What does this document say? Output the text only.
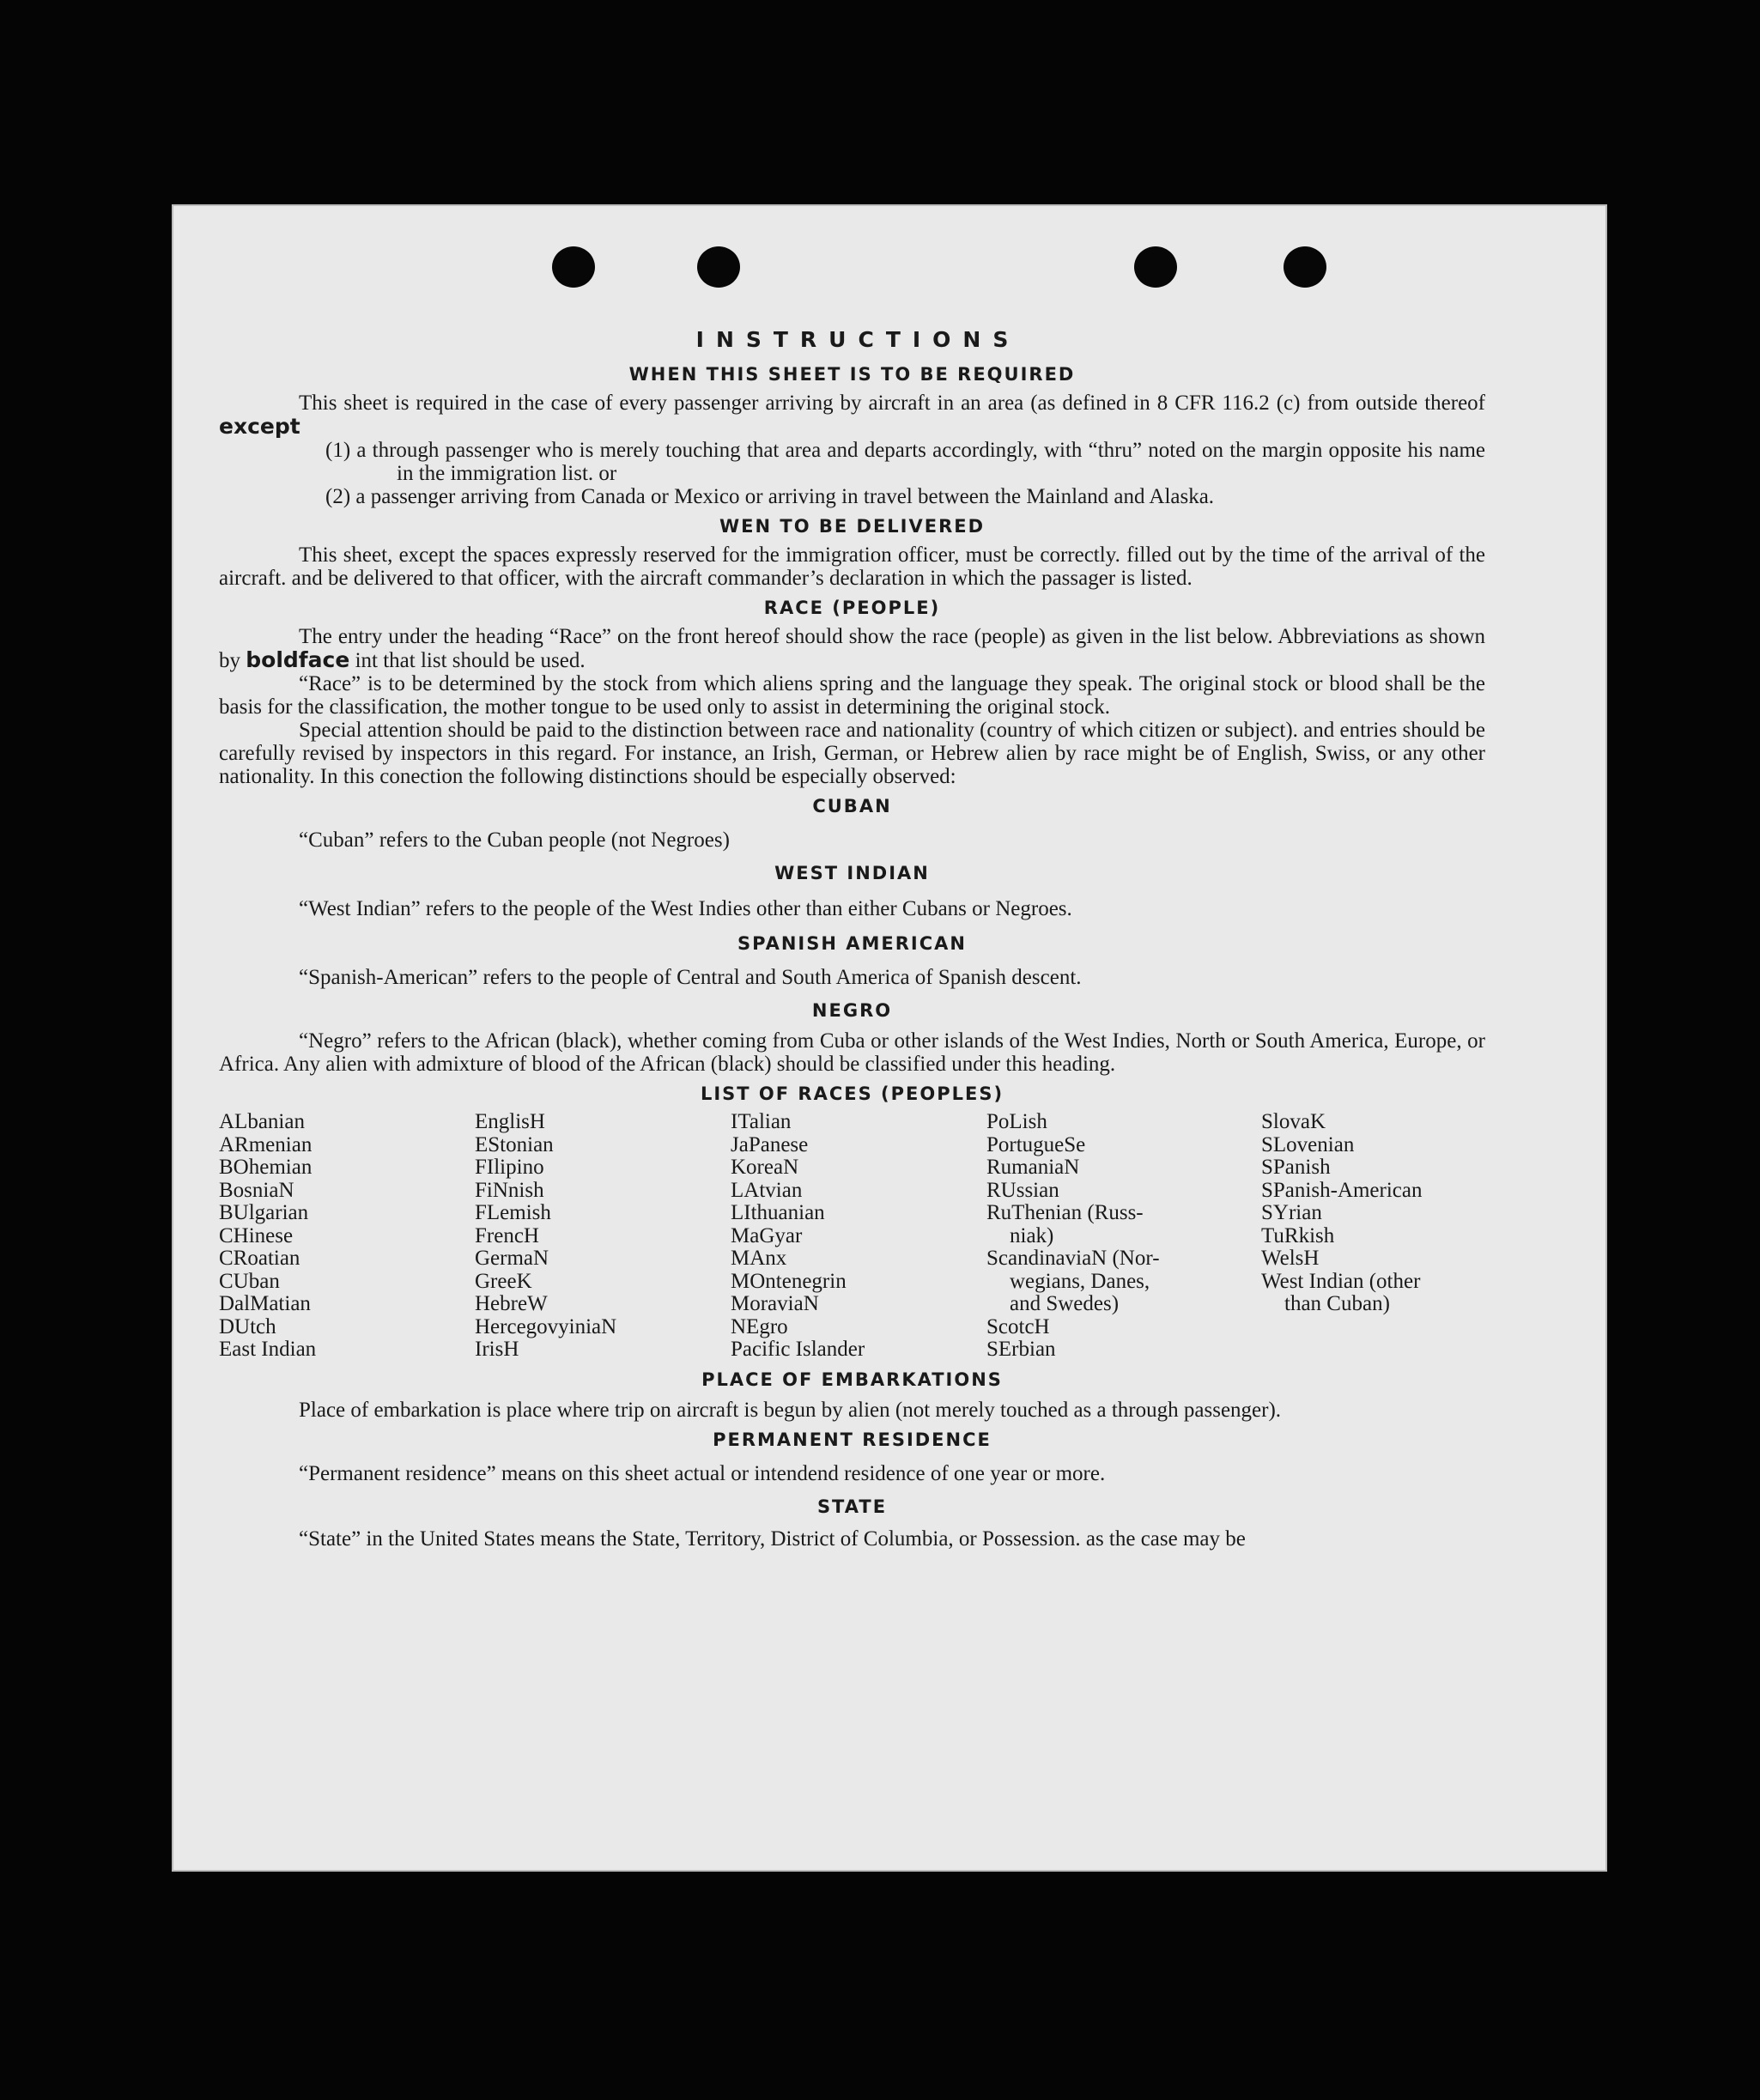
INSTRUCTIONS
WHEN THIS SHEET IS TO BE REQUIRED

This sheet is required in the case of every passenger arriving by aircraft in an area (as defined in 8 CFR 116.2 (c) from outside thereof except

(1) a through passenger who is merely touching that area and departs accordingly, with “thru” noted on the margin opposite his name in the immigration list. or

(2) a passenger arriving from Canada or Mexico or arriving in travel between the Mainland and Alaska.

WEN TO BE DELIVERED

This sheet, except the spaces expressly reserved for the immigration officer, must be correctly. filled out by the time of the arrival of the aircraft. and be delivered to that officer, with the aircraft commander’s declaration in which the passager is listed.

RACE (PEOPLE)

The entry under the heading “Race” on the front hereof should show the race (people) as given in the list below. Abbreviations as shown by boldface int that list should be used.

“Race” is to be determined by the stock from which aliens spring and the language they speak. The original stock or blood shall be the basis for the classification, the mother tongue to be used only to assist in determining the original stock.

Special attention should be paid to the distinction between race and nationality (country of which citizen or subject). and entries should be carefully revised by inspectors in this regard. For instance, an Irish, German, or Hebrew alien by race might be of English, Swiss, or any other nationality. In this conection the following distinctions should be especially observed:

CUBAN

“Cuban” refers to the Cuban people (not Negroes)

WEST INDIAN

“West Indian” refers to the people of the West Indies other than either Cubans or Negroes.

SPANISH AMERICAN

“Spanish-American” refers to the people of Central and South America of Spanish descent.

NEGRO

“Negro” refers to the African (black), whether coming from Cuba or other islands of the West Indies, North or South America, Europe, or Africa. Any alien with admixture of blood of the African (black) should be classified under this heading.

LIST OF RACES (PEOPLES)
ALbanian
ARmenian
BOhemian
BosniaN
BUlgarian
CHinese
CRoatian
CUban
DalMatian
DUtch
East Indian
EnglisH
EStonian
FIlipino
FiNnish
FLemish
FrencH
GermaN
GreeK
HebreW
HercegovyiniaN
IrisH
ITalian
JaPanese
KoreaN
LAtvian
LIthuanian
MaGyar
MAnx
MOntenegrin
MoraviaN
NEgro
Pacific Islander
PoLish
PortugueSe
RumaniaN
RUssian
RuThenian (Russ-
niak)
ScandinaviaN (Nor-
wegians, Danes,
and Swedes)
ScotcH
SErbian
SlovaK
SLovenian
SPanish
SPanish-American
SYrian
TuRkish
WelsH
West Indian (other
than Cuban)
PLACE OF EMBARKATIONS

Place of embarkation is place where trip on aircraft is begun by alien (not merely touched as a through passenger).

PERMANENT RESIDENCE

“Permanent residence” means on this sheet actual or intendend residence of one year or more.

STATE

“State” in the United States means the State, Territory, District of Columbia, or Possession. as the case may be
